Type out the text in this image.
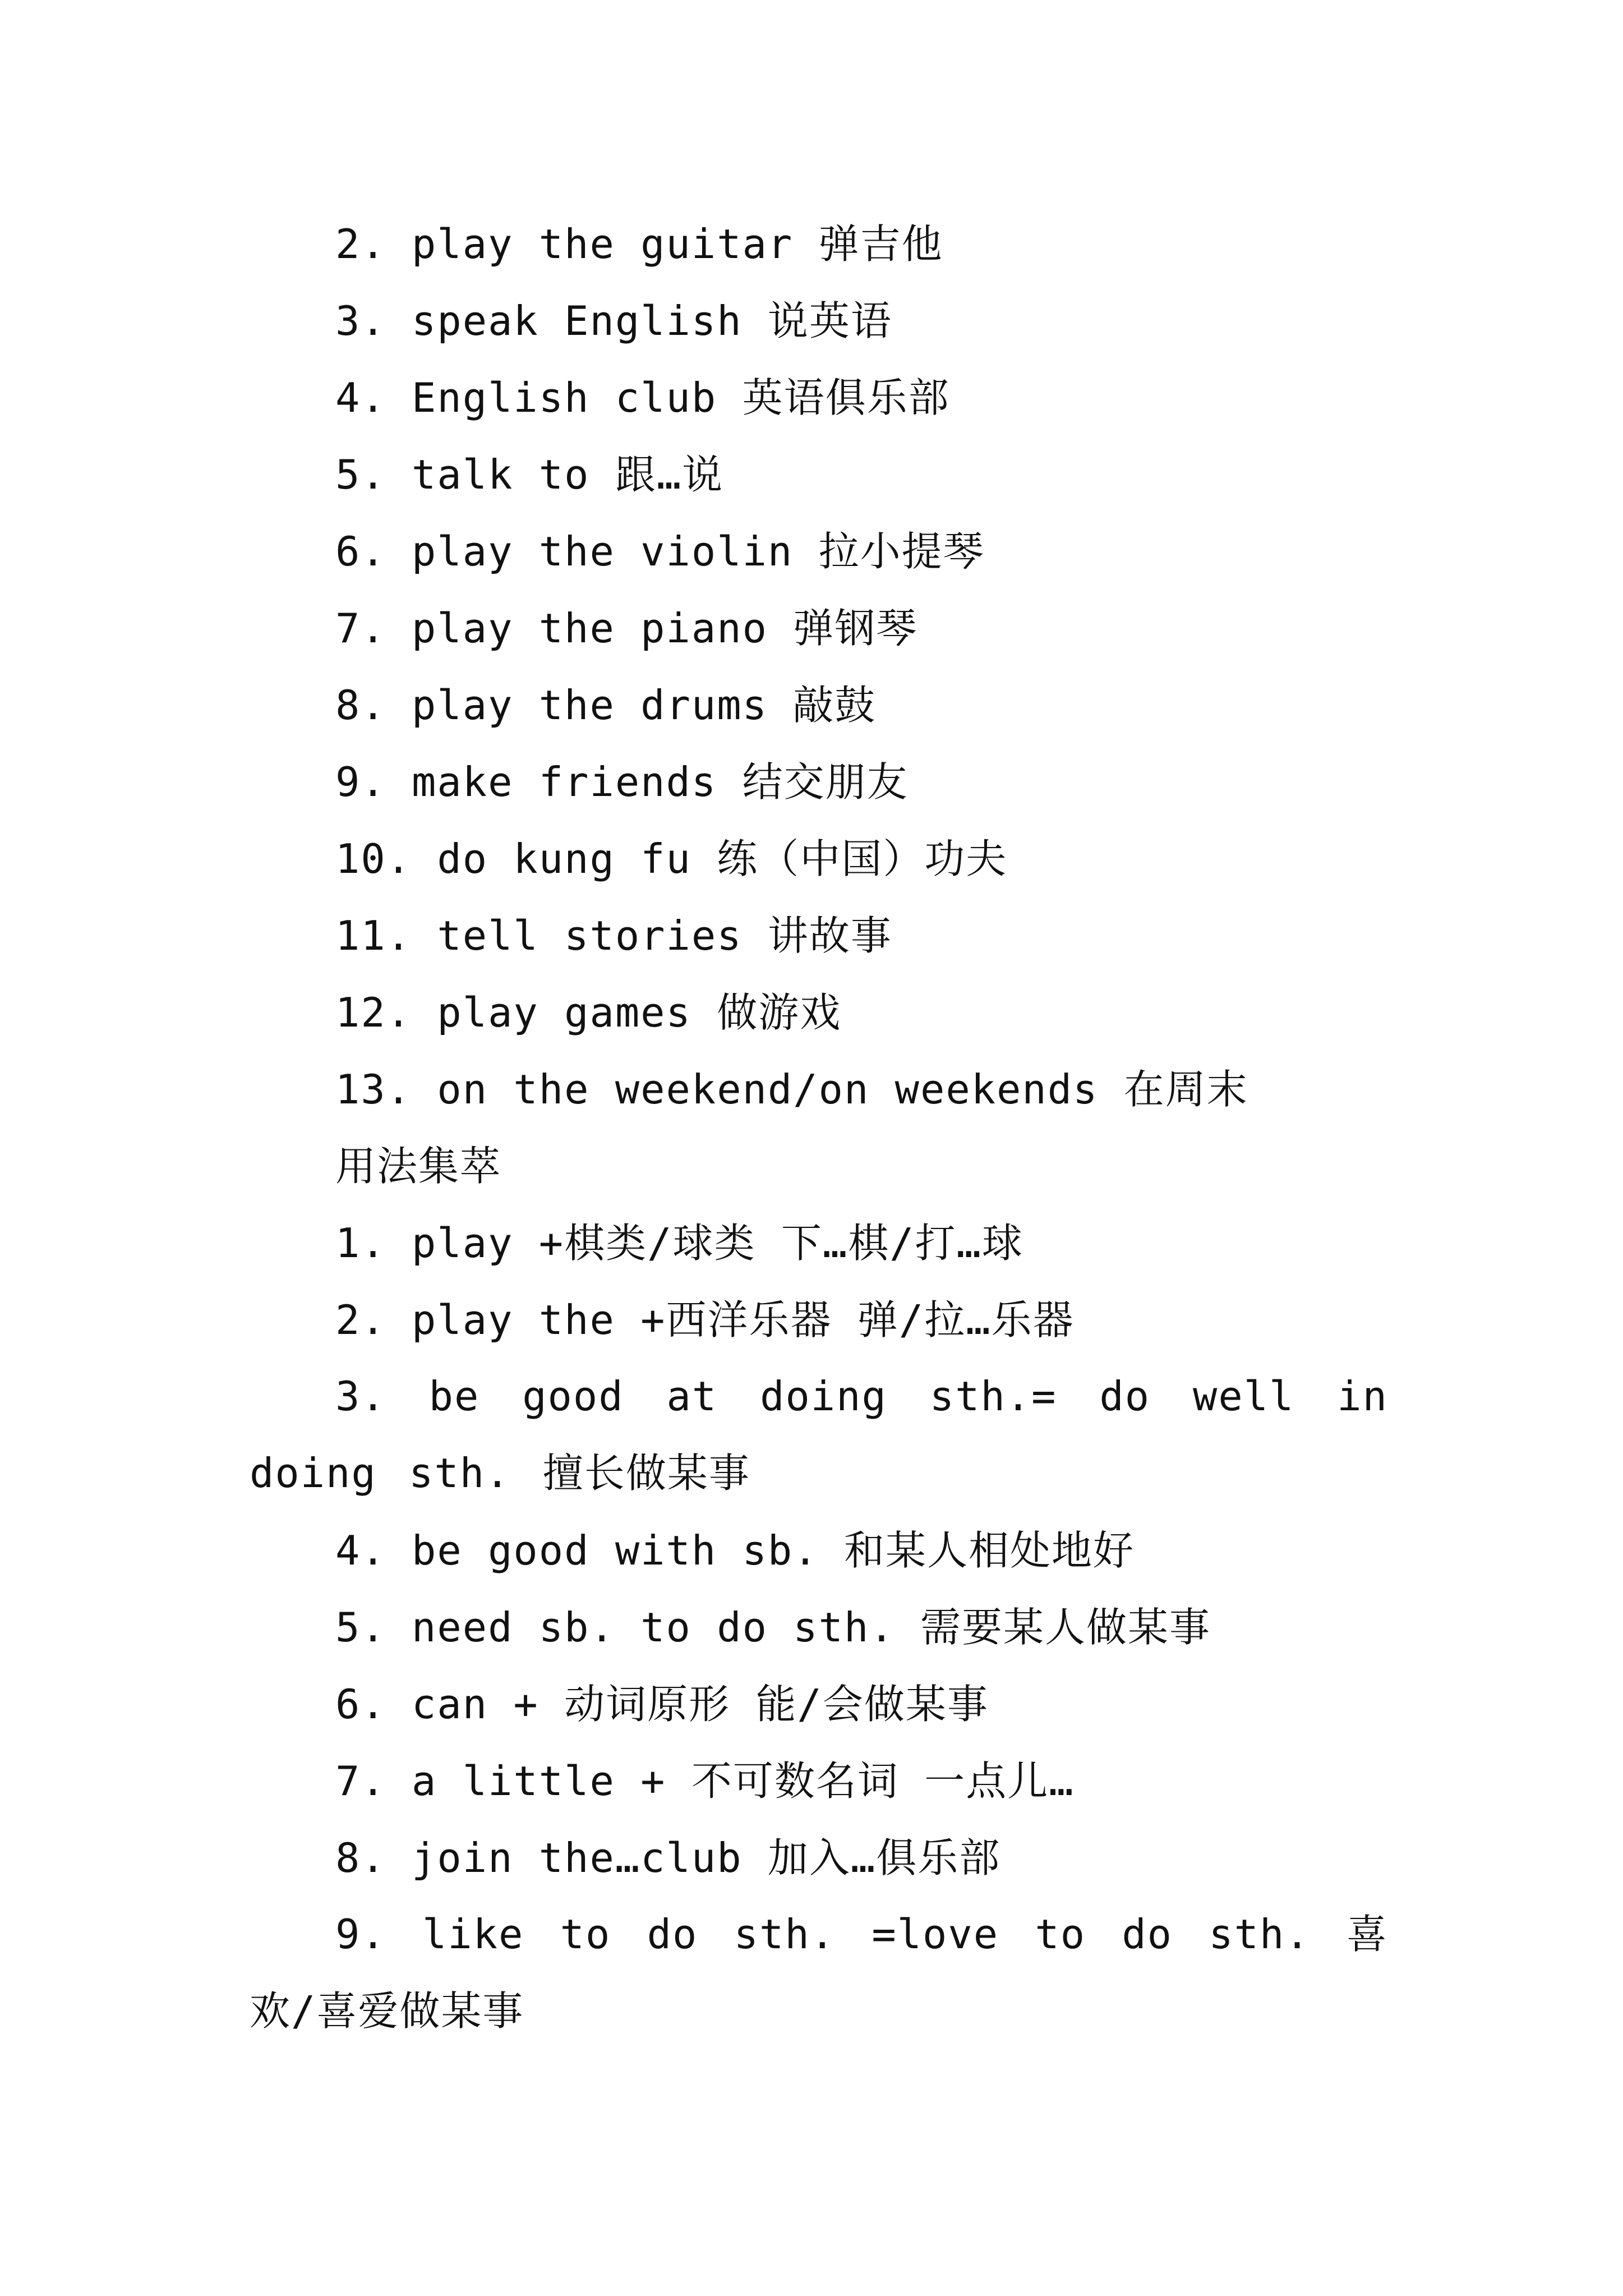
2. play the guitar 弹吉他
3. speak English 说英语
4. English club 英语俱乐部
5. talk to 跟…说
6. play the violin 拉小提琴
7. play the piano 弹钢琴
8. play the drums 敲鼓
9. make friends 结交朋友
10. do kung fu 练（中国）功夫
11. tell stories 讲故事
12. play games 做游戏
13. on the weekend/on weekends 在周末
用法集萃
1. play +棋类/球类 下…棋/打…球
2. play the +西洋乐器 弹/拉…乐器
3. be good at doing sth.= do well in doing sth. 擅长做某事
4. be good with sb. 和某人相处地好
5. need sb. to do sth. 需要某人做某事
6. can + 动词原形 能/会做某事
7. a little + 不可数名词 一点儿…
8. join the…club 加入…俱乐部
9. like to do sth. =love to do sth. 喜欢/喜爱做某事
